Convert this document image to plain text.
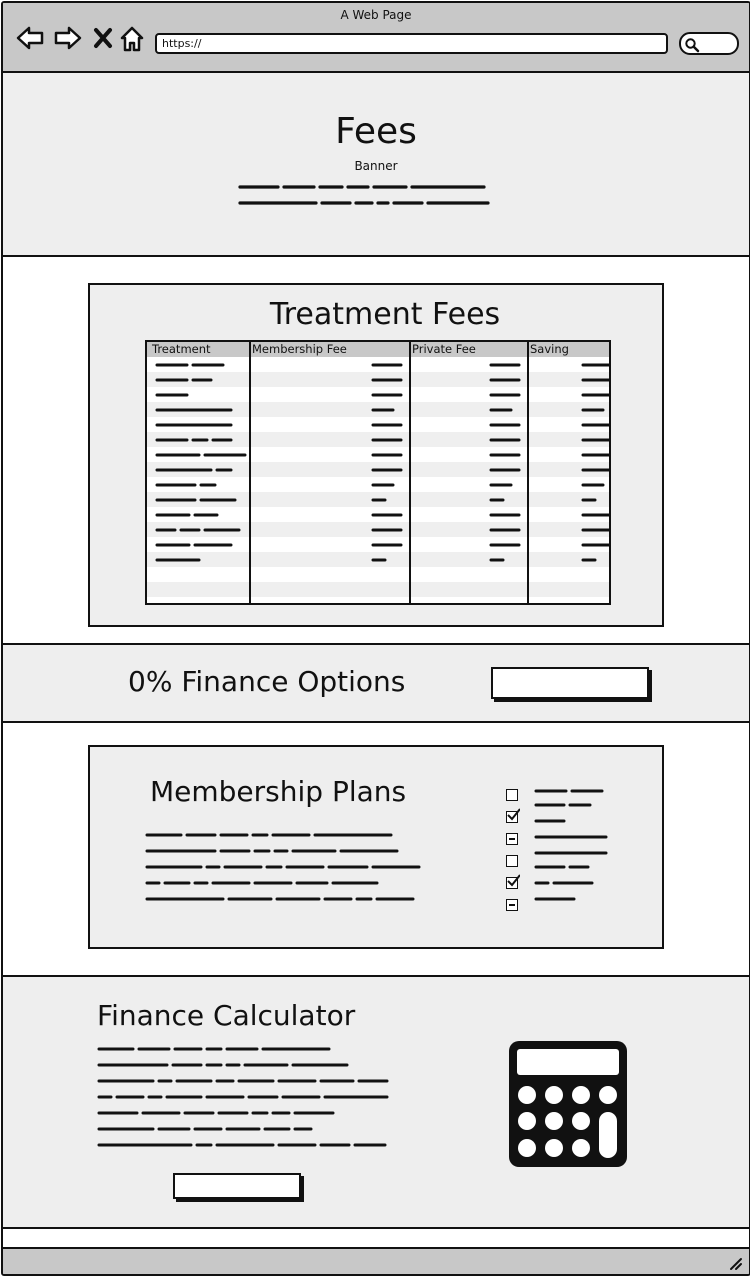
A Web Page
https://
Fees
Banner
Treatment Fees
Treatment	Membership Fee	Private Fee	Saving
0% Finance Options
Membership Plans
Finance Calculator
